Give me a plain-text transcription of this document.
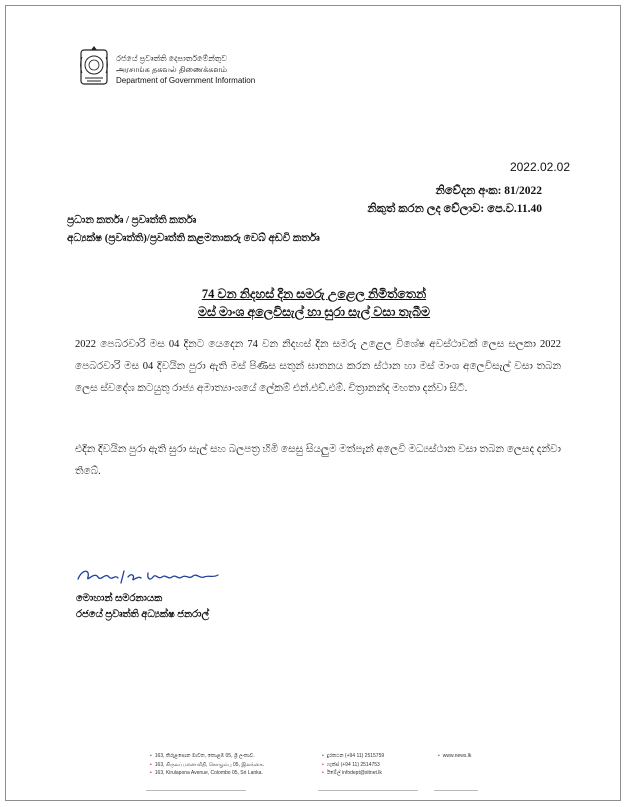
රජයේ ප්‍රවෘත්ති දෙපාර්තමේන්තුව
அரசாங்க தகவல் திணைக்களம்
Department of Government Information
2022.02.02
නිවේදන අංක: 81/2022
නිකුත් කරන ලද වේලාව: පෙ.ව.11.40
ප්‍රධාන කර්තෘ / ප්‍රවෘත්ති කර්තෘ
අධ්‍යක්ෂ (ප්‍රවෘත්ති)/ප්‍රවෘත්ති කළමනාකරු වෙබ් අඩවි කර්තෘ
74 වන නිදහස් දින සමරු උළෙල නිමිත්තෙන්
මස් මාංශ අලෙවිසැල් හා සුරා සැල් වසා තැබීම

2022 පෙබරවාරි මස 04 දිනට යෙදෙන 74 වන නිදහස් දින සමරු උළෙල විශේෂ අවස්ථාවක් ලෙස සලකා 2022 පෙබරවාරි මස 04 දිවයින පුරා ඇති මස් පිණිස සතුන් ඝාතනය කරන ස්ථාන හා මස් මාංශ අලෙවිසැල් වසා තබන ලෙස ස්වදේශ කටයුතු රාජ්‍ය අමාත්‍යාංශයේ ලේකම් එන්.එච්.එම්. චිත්‍රානන්ද මහතා දන්වා සිටී.

එදින දිවයින පුරා ඇති සුරා සැල් සහ බලපත්‍ර හිමි සෙසු සියලුම මත්පැන් අලෙවි මධ්‍යස්ථාන වසා තබන ලෙසද දන්වා තිබේ.

මොහාන් සමරනායක
රජයේ ප්‍රවෘත්ති අධ්‍යක්ෂ ජනරාල්
• 163, කිරුළපොන මාවත, කොළඹ 05, ශ්‍රී ලංකාව.
• 163, கிருலப்பனை வீதி, கொழும்பு 05, இலங்கை.
• 163, Kirulapona Avenue, Colombo 05, Sri Lanka.
• දුරකථන (+94 11) 2515759
• ෆැක්ස් (+94 11) 2514753
• ඊමේල් infodept@sltnet.lk
• www.news.lk
